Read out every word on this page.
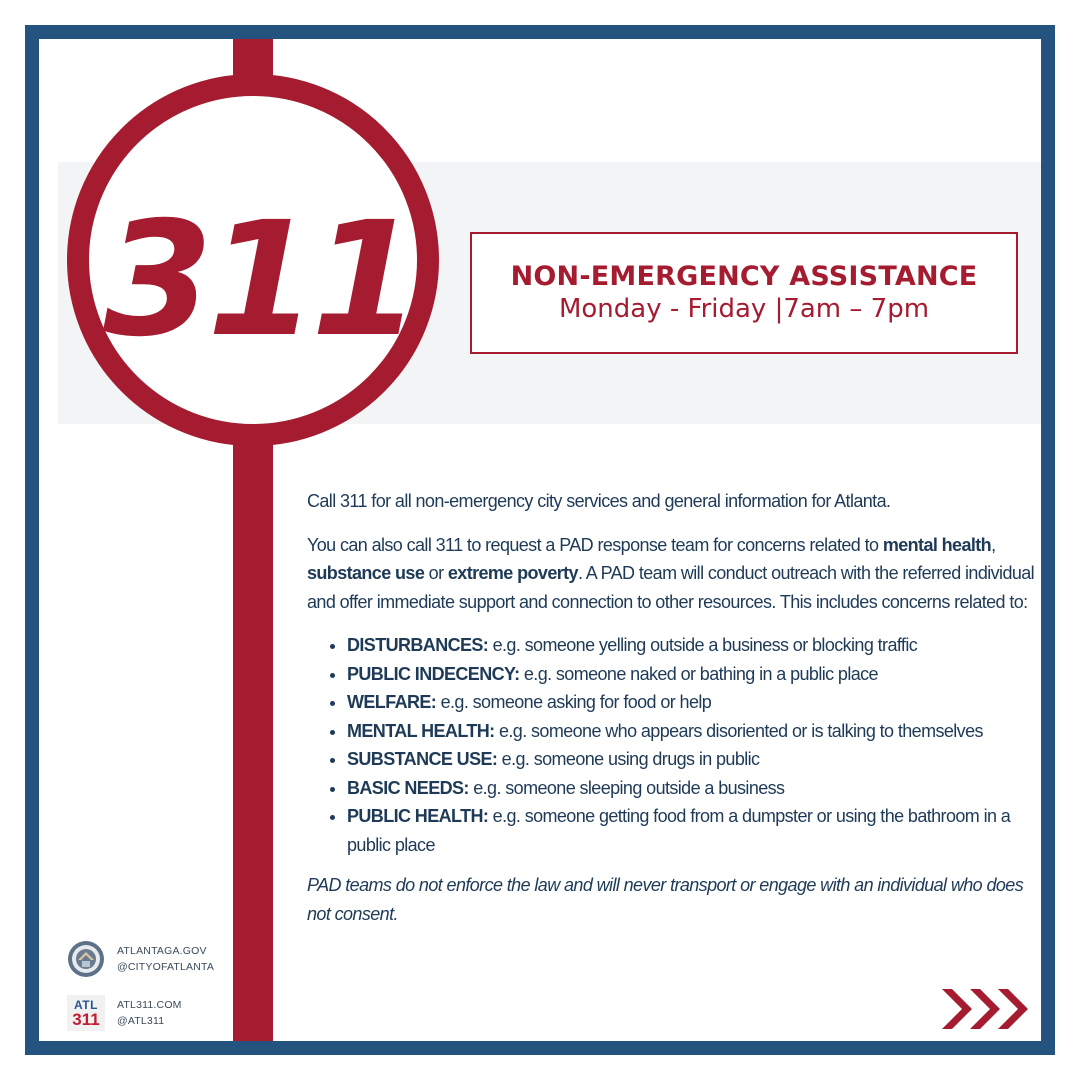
311	NON-EMERGENCY ASSISTANCE
Monday - Friday |7am – 7pm

Call 311 for all non-emergency city services and general information for Atlanta.

You can also call 311 to request a PAD response team for concerns related to mental health, substance use or extreme poverty. A PAD team will conduct outreach with the referred individual and offer immediate support and connection to other resources. This includes concerns related to:

• DISTURBANCES: e.g. someone yelling outside a business or blocking traffic
• PUBLIC INDECENCY: e.g. someone naked or bathing in a public place
• WELFARE: e.g. someone asking for food or help
• MENTAL HEALTH: e.g. someone who appears disoriented or is talking to themselves
• SUBSTANCE USE: e.g. someone using drugs in public
• BASIC NEEDS: e.g. someone sleeping outside a business
• PUBLIC HEALTH: e.g. someone getting food from a dumpster or using the bathroom in a public place

PAD teams do not enforce the law and will never transport or engage with an individual who does not consent.

ATLANTAGA.GOV
@CITYOFATLANTA
ATL
311
ATL311.COM
@ATL311
